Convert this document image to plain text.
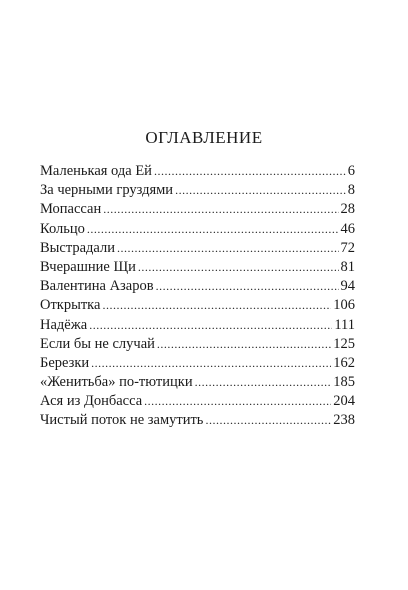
ОГЛАВЛЕНИЕ
Маленькая ода Ей .....	6
За черными груздями .....	8
Мопассан .....	28
Кольцо .....	46
Выстрадали .....	72
Вчерашние Щи .....	81
Валентина Азаров .....	94
Открытка .....	106
Надёжа .....	111
Если бы не случай .....	125
Березки .....	162
«Женитьба» по-тютицки .....	185
Ася из Донбасса .....	204
Чистый поток не замутить .....	238
